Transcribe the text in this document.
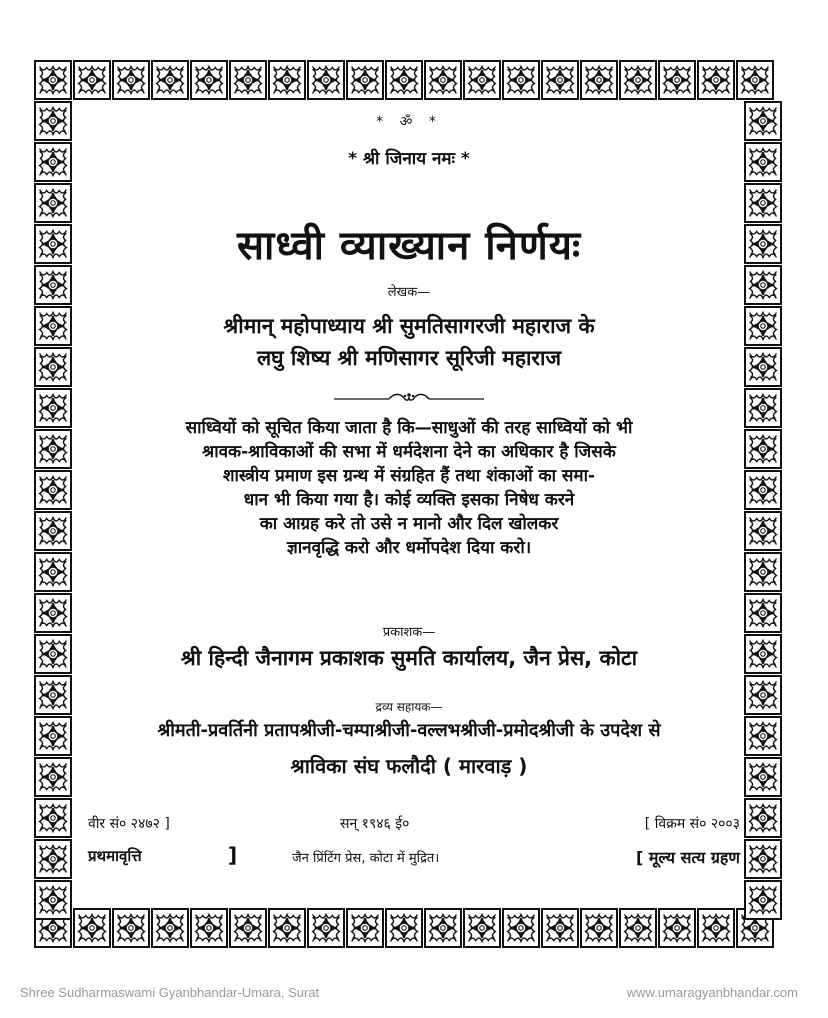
* ॐ *
* श्री जिनाय नमः *
साध्वी व्याख्यान निर्णयः
लेखक—
श्रीमान् महोपाध्याय श्री सुमतिसागरजी महाराज के
लघु शिष्य श्री मणिसागर सूरिजी महाराज
साध्वियों को सूचित किया जाता है कि—साधुओं की तरह साध्वियों को भी
श्रावक-श्राविकाओं की सभा में धर्मदेशना देने का अधिकार है जिसके
शास्त्रीय प्रमाण इस ग्रन्थ में संग्रहित हैं तथा शंकाओं का समा-
धान भी किया गया है। कोई व्यक्ति इसका निषेध करने
का आग्रह करे तो उसे न मानो और दिल खोलकर
ज्ञानवृद्धि करो और धर्मोपदेश दिया करो।
प्रकाशक—
श्री हिन्दी जैनागम प्रकाशक सुमति कार्यालय, जैन प्रेस, कोटा
द्रव्य सहायक—
श्रीमती-प्रवर्तिनी प्रतापश्रीजी-चम्पाश्रीजी-वल्लभश्रीजी-प्रमोदश्रीजी के उपदेश से
श्राविका संघ फलौदी ( मारवाड़ )
वीर सं० २४७२ ]	सन् १९४६ ई०	[ विक्रम सं० २००३
प्रथमावृत्ति	]	जैन प्रिंटिंग प्रेस, कोटा में मुद्रित।	[ मूल्य सत्य ग्रहण
Shree Sudharmaswami Gyanbhandar-Umara, Surat	www.umaragyanbhandar.com
